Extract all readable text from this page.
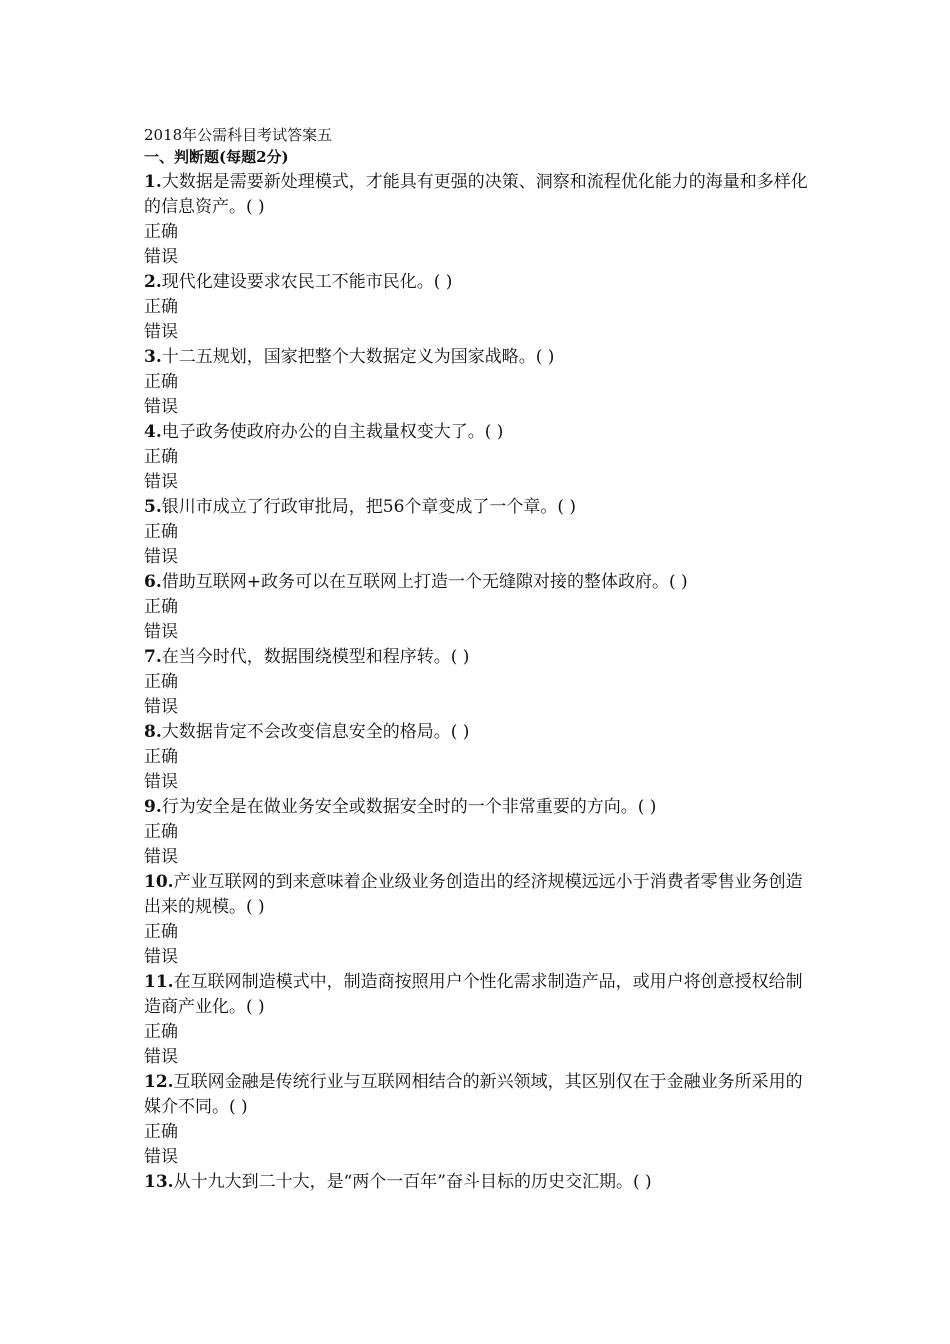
2018年公需科目考试答案五

一、判断题(每题2分)

1.大数据是需要新处理模式，才能具有更强的决策、洞察和流程优化能力的海量和多样化的信息资产。( )

正确

错误

2.现代化建设要求农民工不能市民化。( )

正确

错误

3.十二五规划，国家把整个大数据定义为国家战略。( )

正确

错误

4.电子政务使政府办公的自主裁量权变大了。( )

正确

错误

5.银川市成立了行政审批局，把56个章变成了一个章。( )

正确

错误

6.借助互联网+政务可以在互联网上打造一个无缝隙对接的整体政府。( )

正确

错误

7.在当今时代，数据围绕模型和程序转。( )

正确

错误

8.大数据肯定不会改变信息安全的格局。( )

正确

错误

9.行为安全是在做业务安全或数据安全时的一个非常重要的方向。( )

正确

错误

10.产业互联网的到来意味着企业级业务创造出的经济规模远远小于消费者零售业务创造出来的规模。( )

正确

错误

11.在互联网制造模式中，制造商按照用户个性化需求制造产品，或用户将创意授权给制造商产业化。( )

正确

错误

12.互联网金融是传统行业与互联网相结合的新兴领域，其区别仅在于金融业务所采用的媒介不同。( )

正确

错误

13.从十九大到二十大，是“两个一百年”奋斗目标的历史交汇期。( )
